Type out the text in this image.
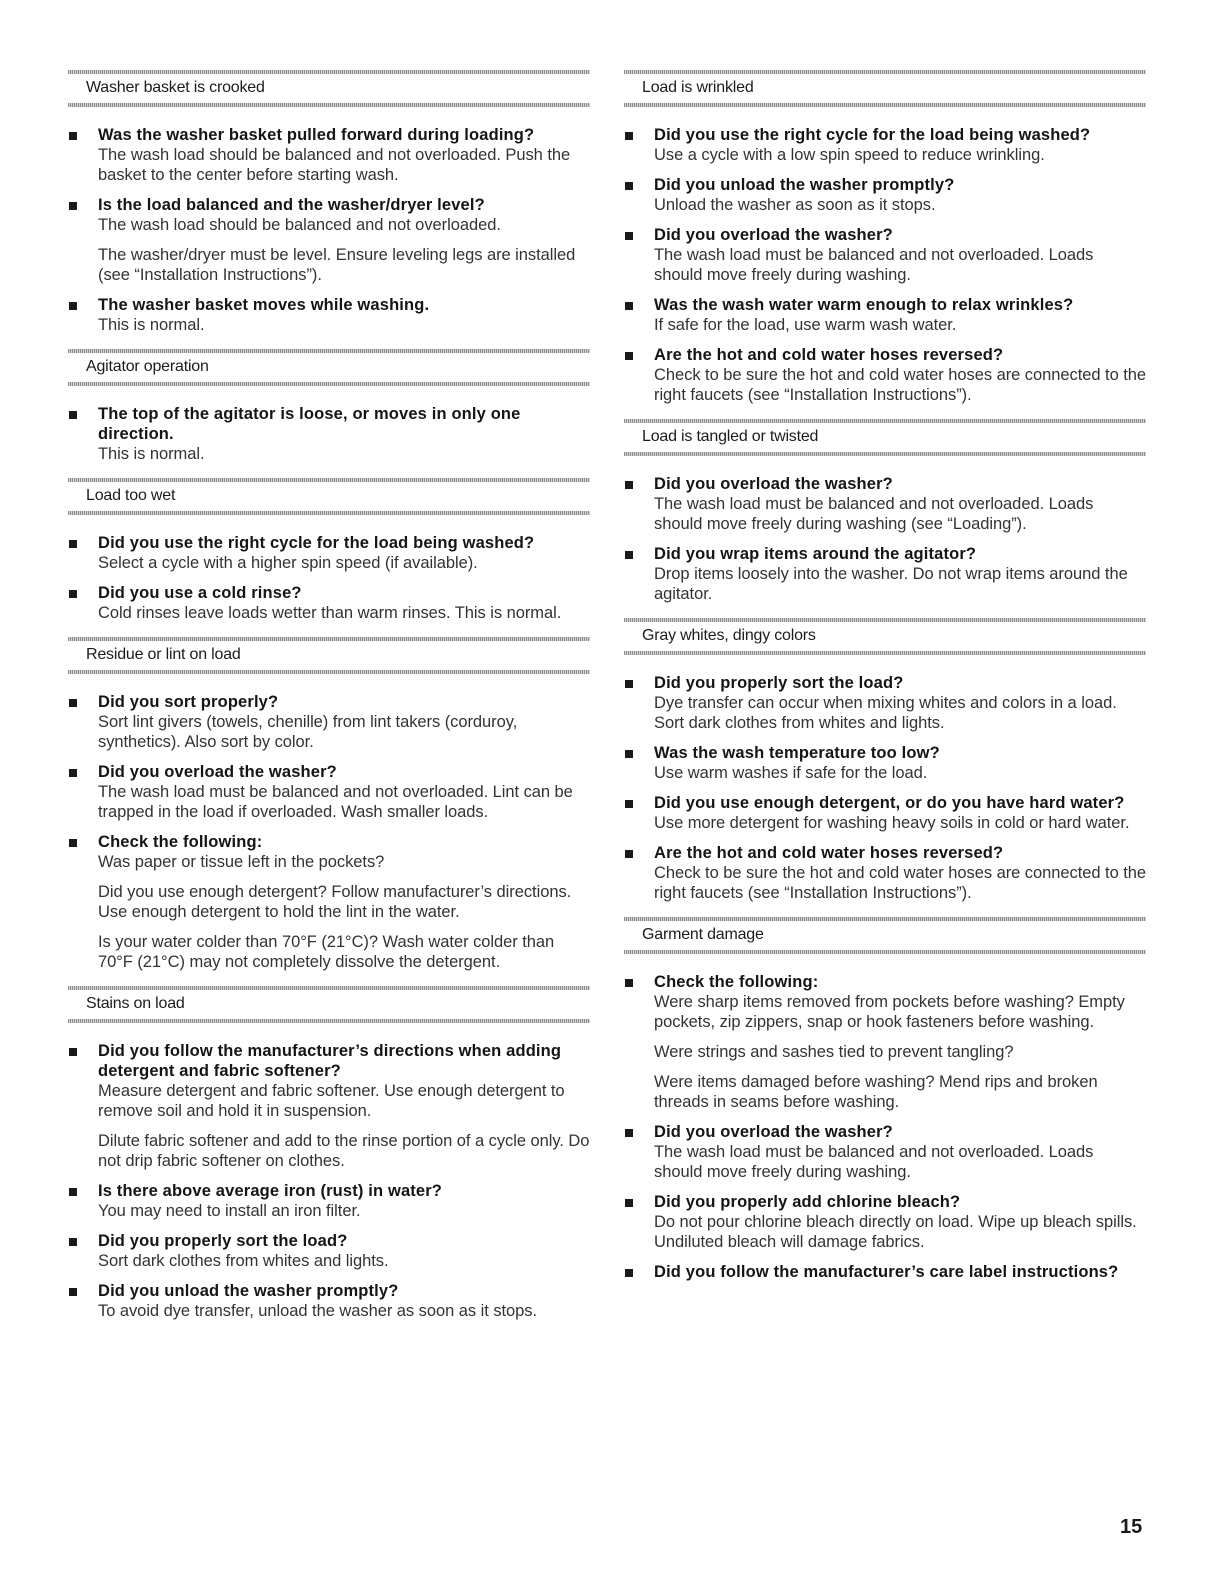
Washer basket is crooked
Was the washer basket pulled forward during loading?
The wash load should be balanced and not overloaded. Push the basket to the center before starting wash.
Is the load balanced and the washer/dryer level?
The wash load should be balanced and not overloaded.
The washer/dryer must be level. Ensure leveling legs are installed (see “Installation Instructions”).
The washer basket moves while washing.
This is normal.
Agitator operation
The top of the agitator is loose, or moves in only one direction.
This is normal.
Load too wet
Did you use the right cycle for the load being washed?
Select a cycle with a higher spin speed (if available).
Did you use a cold rinse?
Cold rinses leave loads wetter than warm rinses. This is normal.
Residue or lint on load
Did you sort properly?
Sort lint givers (towels, chenille) from lint takers (corduroy, synthetics). Also sort by color.
Did you overload the washer?
The wash load must be balanced and not overloaded. Lint can be trapped in the load if overloaded. Wash smaller loads.
Check the following:
Was paper or tissue left in the pockets?
Did you use enough detergent? Follow manufacturer’s directions. Use enough detergent to hold the lint in the water.
Is your water colder than 70°F (21°C)? Wash water colder than 70°F (21°C) may not completely dissolve the detergent.
Stains on load
Did you follow the manufacturer’s directions when adding detergent and fabric softener?
Measure detergent and fabric softener. Use enough detergent to remove soil and hold it in suspension.
Dilute fabric softener and add to the rinse portion of a cycle only. Do not drip fabric softener on clothes.
Is there above average iron (rust) in water?
You may need to install an iron filter.
Did you properly sort the load?
Sort dark clothes from whites and lights.
Did you unload the washer promptly?
To avoid dye transfer, unload the washer as soon as it stops.
Load is wrinkled
Did you use the right cycle for the load being washed?
Use a cycle with a low spin speed to reduce wrinkling.
Did you unload the washer promptly?
Unload the washer as soon as it stops.
Did you overload the washer?
The wash load must be balanced and not overloaded. Loads should move freely during washing.
Was the wash water warm enough to relax wrinkles?
If safe for the load, use warm wash water.
Are the hot and cold water hoses reversed?
Check to be sure the hot and cold water hoses are connected to the right faucets (see “Installation Instructions”).
Load is tangled or twisted
Did you overload the washer?
The wash load must be balanced and not overloaded. Loads should move freely during washing (see “Loading”).
Did you wrap items around the agitator?
Drop items loosely into the washer. Do not wrap items around the agitator.
Gray whites, dingy colors
Did you properly sort the load?
Dye transfer can occur when mixing whites and colors in a load. Sort dark clothes from whites and lights.
Was the wash temperature too low?
Use warm washes if safe for the load.
Did you use enough detergent, or do you have hard water?
Use more detergent for washing heavy soils in cold or hard water.
Are the hot and cold water hoses reversed?
Check to be sure the hot and cold water hoses are connected to the right faucets (see “Installation Instructions”).
Garment damage
Check the following:
Were sharp items removed from pockets before washing? Empty pockets, zip zippers, snap or hook fasteners before washing.
Were strings and sashes tied to prevent tangling?
Were items damaged before washing? Mend rips and broken threads in seams before washing.
Did you overload the washer?
The wash load must be balanced and not overloaded. Loads should move freely during washing.
Did you properly add chlorine bleach?
Do not pour chlorine bleach directly on load. Wipe up bleach spills. Undiluted bleach will damage fabrics.
Did you follow the manufacturer’s care label instructions?
15
